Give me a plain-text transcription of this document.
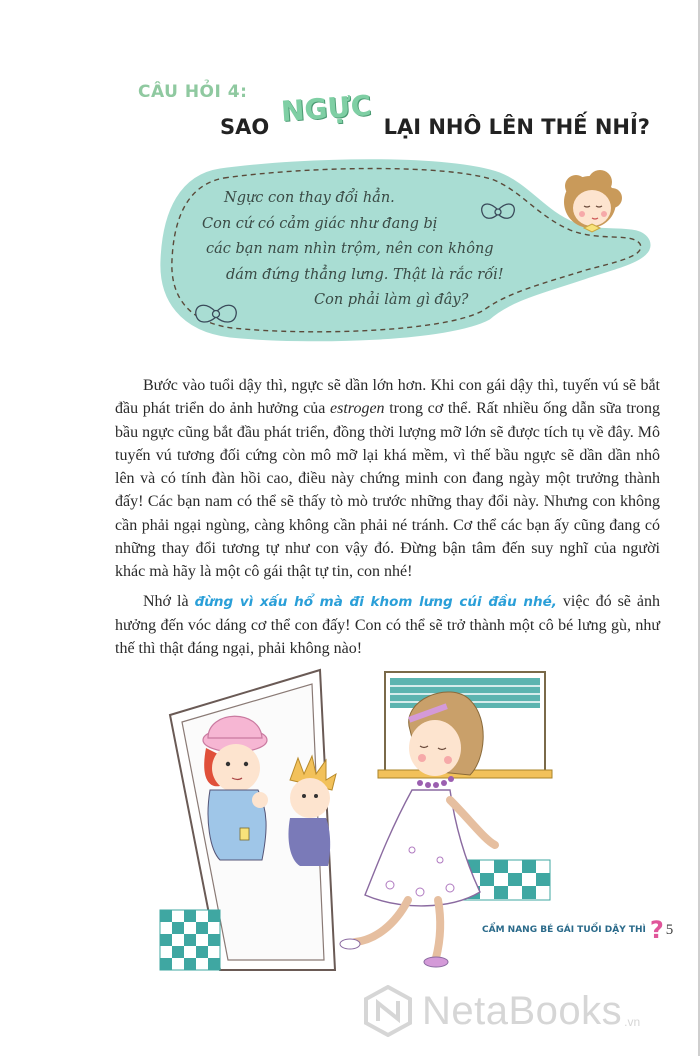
CÂU HỎI 4:
SAO NGỰC LẠI NHÔ LÊN THẾ NHỈ?
Ngực con thay đổi hẳn.
Con cứ có cảm giác như đang bị
các bạn nam nhìn trộm, nên con không
dám đứng thẳng lưng. Thật là rắc rối!
Con phải làm gì đây?

Bước vào tuổi dậy thì, ngực sẽ dần lớn hơn. Khi con gái dậy thì, tuyến vú sẽ bắt đầu phát triển do ảnh hưởng của estrogen trong cơ thể. Rất nhiều ống dẫn sữa trong bầu ngực cũng bắt đầu phát triển, đồng thời lượng mỡ lớn sẽ được tích tụ về đây. Mô tuyến vú tương đối cứng còn mô mỡ lại khá mềm, vì thế bầu ngực sẽ dần dần nhô lên và có tính đàn hồi cao, điều này chứng minh con đang ngày một trưởng thành đấy! Các bạn nam có thể sẽ thấy tò mò trước những thay đổi này. Nhưng con không cần phải ngại ngùng, càng không cần phải né tránh. Cơ thể các bạn ấy cũng đang có những thay đổi tương tự như con vậy đó. Đừng bận tâm đến suy nghĩ của người khác mà hãy là một cô gái thật tự tin, con nhé!

Nhớ là đừng vì xấu hổ mà đi khom lưng cúi đầu nhé, việc đó sẽ ảnh hưởng đến vóc dáng cơ thể con đấy! Con có thể sẽ trở thành một cô bé lưng gù, như thế thì thật đáng ngại, phải không nào!

CẨM NANG BÉ GÁI TUỔI DẬY THÌ ? 5
NetaBooks .vn
